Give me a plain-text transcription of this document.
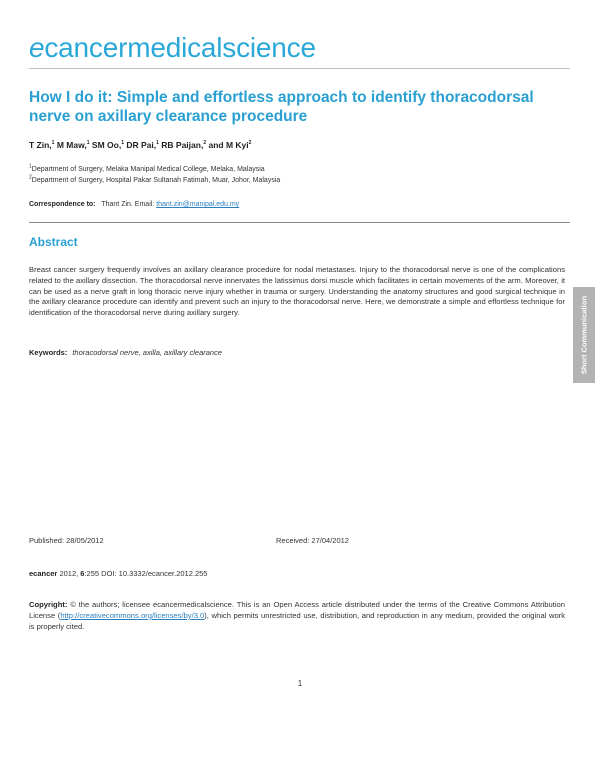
ecancermedicalscience
How I do it: Simple and effortless approach to identify thoracodorsal nerve on axillary clearance procedure
T Zin,$^1$ M Maw,$^1$ SM Oo,$^1$ DR Pai,$^1$ RB Paijan,$^2$ and M Kyi$^2$
$^1$Department of Surgery, Melaka Manipal Medical College, Melaka, Malaysia
$^2$Department of Surgery, Hospital Pakar Sultanah Fatimah, Muar, Johor, Malaysia
Correspondence to: Thant Zin. Email: thant.zin@manipal.edu.my
Abstract

Breast cancer surgery frequently involves an axillary clearance procedure for nodal metastases. Injury to the thoracodorsal nerve is one of the complications related to the axillary dissection. The thoracodorsal nerve innervates the latissimus dorsi muscle which facilitates in certain movements of the arm. Moreover, it can be used as a nerve graft in long thoracic nerve injury whether in trauma or surgery. Understanding the anatomy structures and good surgical technique in the axillary clearance procedure can identify and prevent such an injury to the thoracodorsal nerve. Here, we demonstrate a simple and effortless technique for identification of the thoracodorsal nerve during axillary surgery.

Keywords: thoracodorsal nerve, axilla, axillary clearance	Short Communication
Published: 28/05/2012	Received: 27/04/2012
ecancer 2012, 6:255 DOI: 10.3332/ecancer.2012.255

Copyright: © the authors; licensee ecancermedicalscience. This is an Open Access article distributed under the terms of the Creative Commons Attribution License (http://creativecommons.org/licenses/by/3.0), which permits unrestricted use, distribution, and reproduction in any medium, provided the original work is properly cited.

1
